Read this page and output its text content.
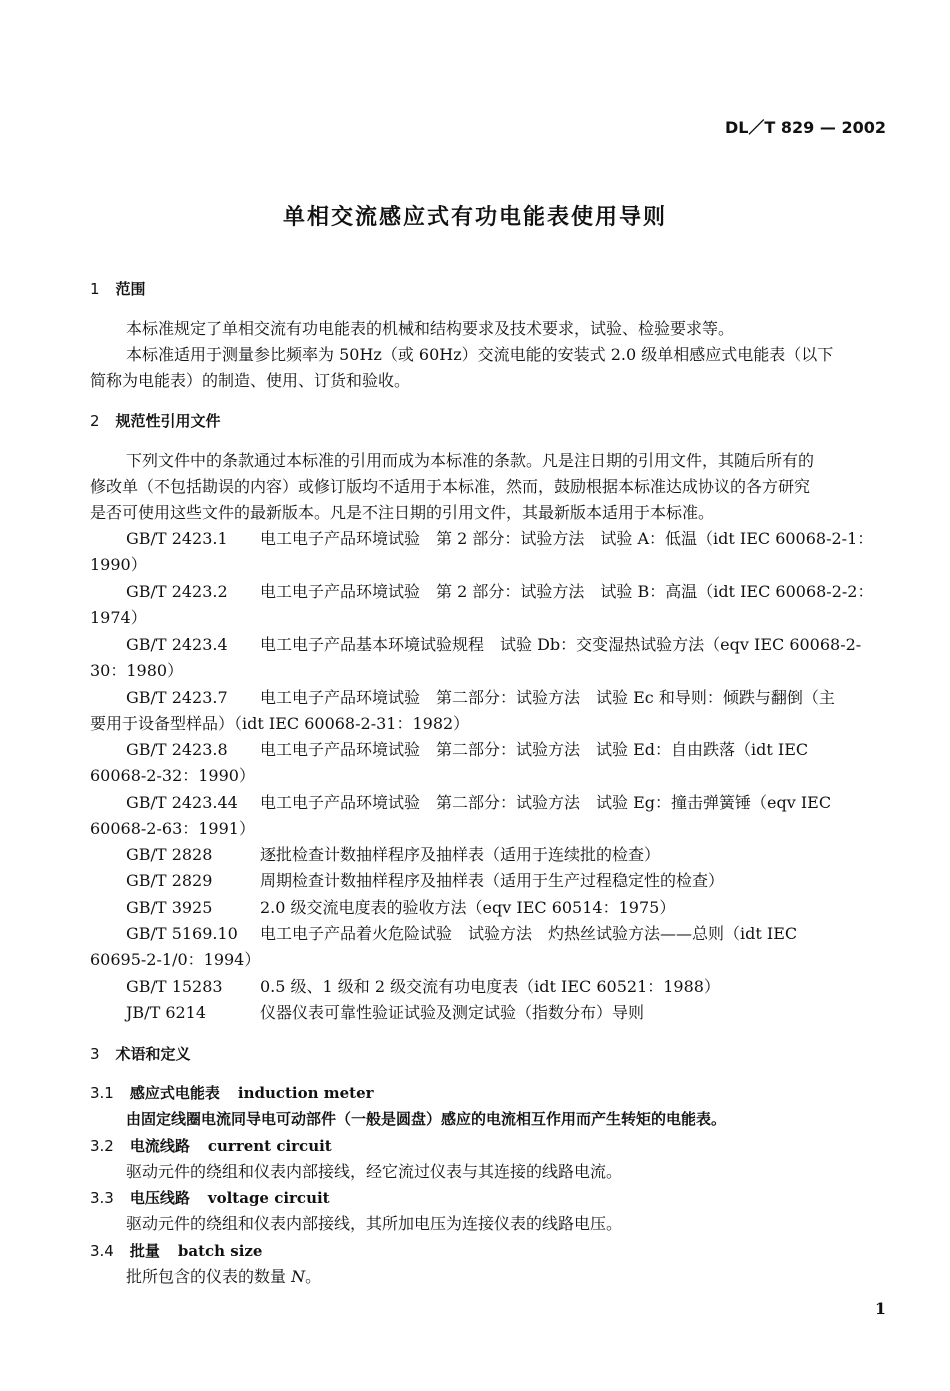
DL／T 829 — 2002
单相交流感应式有功电能表使用导则
1 范围
本标准规定了单相交流有功电能表的机械和结构要求及技术要求，试验、检验要求等。
本标准适用于测量参比频率为 50Hz（或 60Hz）交流电能的安装式 2.0 级单相感应式电能表（以下
简称为电能表）的制造、使用、订货和验收。
2 规范性引用文件
下列文件中的条款通过本标准的引用而成为本标准的条款。凡是注日期的引用文件，其随后所有的
修改单（不包括勘误的内容）或修订版均不适用于本标准，然而，鼓励根据本标准达成协议的各方研究
是否可使用这些文件的最新版本。凡是不注日期的引用文件，其最新版本适用于本标准。
GB/T 2423.1 电工电子产品环境试验　第 2 部分：试验方法　试验 A：低温（idt IEC 60068-2-1：
1990）
GB/T 2423.2 电工电子产品环境试验　第 2 部分：试验方法　试验 B：高温（idt IEC 60068-2-2：
1974）
GB/T 2423.4 电工电子产品基本环境试验规程　试验 Db：交变湿热试验方法（eqv IEC 60068-2-
30：1980）
GB/T 2423.7 电工电子产品环境试验　第二部分：试验方法　试验 Ec 和导则：倾跌与翻倒（主
要用于设备型样品）（idt IEC 60068-2-31：1982）
GB/T 2423.8 电工电子产品环境试验　第二部分：试验方法　试验 Ed：自由跌落（idt IEC
60068-2-32：1990）
GB/T 2423.44 电工电子产品环境试验　第二部分：试验方法　试验 Eg：撞击弹簧锤（eqv IEC
60068-2-63：1991）
GB/T 2828	逐批检查计数抽样程序及抽样表（适用于连续批的检查）
GB/T 2829	周期检查计数抽样程序及抽样表（适用于生产过程稳定性的检查）
GB/T 3925	2.0 级交流电度表的验收方法（eqv IEC 60514：1975）
GB/T 5169.10 电工电子产品着火危险试验　试验方法　灼热丝试验方法——总则（idt IEC
60695-2-1/0：1994）
GB/T 15283 0.5 级、1 级和 2 级交流有功电度表（idt IEC 60521：1988）
JB/T 6214	仪器仪表可靠性验证试验及测定试验（指数分布）导则
3 术语和定义
3.1 感应式电能表 induction meter
由固定线圈电流同导电可动部件（一般是圆盘）感应的电流相互作用而产生转矩的电能表。
3.2 电流线路 current circuit
驱动元件的绕组和仪表内部接线，经它流过仪表与其连接的线路电流。
3.3 电压线路 voltage circuit
驱动元件的绕组和仪表内部接线，其所加电压为连接仪表的线路电压。
3.4 批量 batch size
批所包含的仪表的数量 N。
1
